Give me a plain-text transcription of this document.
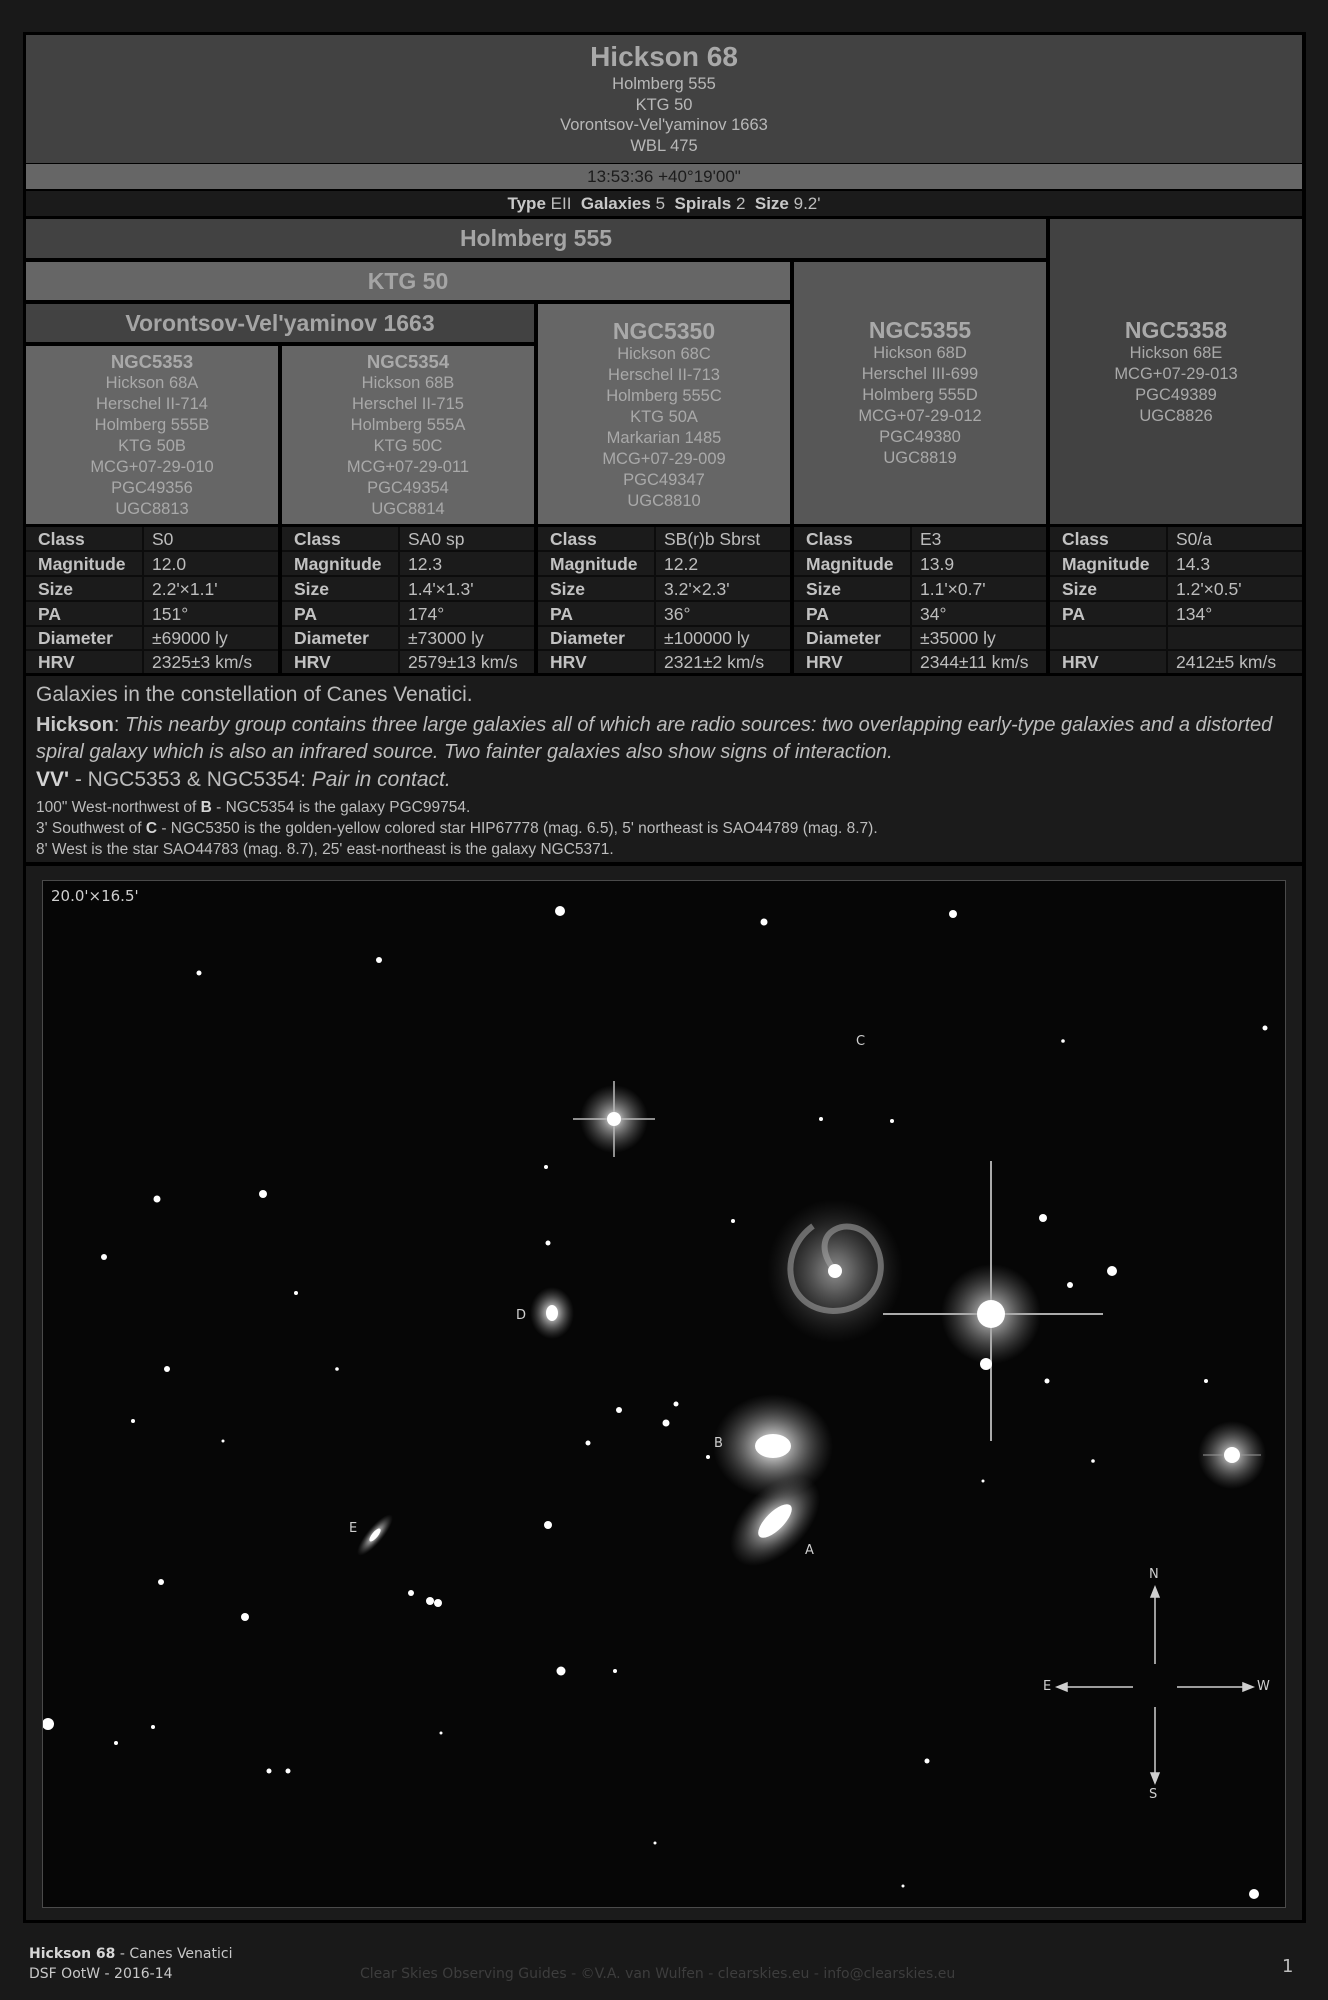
Hickson 68
Holmberg 555
KTG 50
Vorontsov-Vel'yaminov 1663
WBL 475
13:53:36 +40°19'00"
Type EII Galaxies 5 Spirals 2 Size 9.2'
Holmberg 555
KTG 50
Vorontsov-Vel'yaminov 1663
NGC5353
Hickson 68A
Herschel II-714
Holmberg 555B
KTG 50B
MCG+07-29-010
PGC49356
UGC8813
NGC5354
Hickson 68B
Herschel II-715
Holmberg 555A
KTG 50C
MCG+07-29-011
PGC49354
UGC8814
NGC5350
Hickson 68C
Herschel II-713
Holmberg 555C
KTG 50A
Markarian 1485
MCG+07-29-009
PGC49347
UGC8810
NGC5355
Hickson 68D
Herschel III-699
Holmberg 555D
MCG+07-29-012
PGC49380
UGC8819
NGC5358
Hickson 68E
MCG+07-29-013
PGC49389
UGC8826
Class	S0
Magnitude 12.0
Size	2.2'×1.1'
PA	151°
Diameter ±69000 ly
HRV	2325±3 km/s
Class	SA0 sp
Magnitude 12.3
Size	1.4'×1.3'
PA	174°
Diameter ±73000 ly
HRV	2579±13 km/s
Class	SB(r)b Sbrst
Magnitude 12.2
Size	3.2'×2.3'
PA	36°
Diameter ±100000 ly
HRV	2321±2 km/s
Class	E3
Magnitude 13.9
Size	1.1'×0.7'
PA	34°
Diameter ±35000 ly
HRV	2344±11 km/s
Class	S0/a
Magnitude 14.3
Size	1.2'×0.5'
PA	134°
HRV	2412±5 km/s
Galaxies in the constellation of Canes Venatici.
Hickson: This nearby group contains three large galaxies all of which are radio sources: two overlapping early-type galaxies and a distorted spiral galaxy which is also an infrared source. Two fainter galaxies also show signs of interaction.
VV' - NGC5353 & NGC5354: Pair in contact.
100" West-northwest of B - NGC5354 is the galaxy PGC99754.
3' Southwest of C - NGC5350 is the golden-yellow colored star HIP67778 (mag. 6.5), 5' northeast is SAO44789 (mag. 8.7).
8' West is the star SAO44783 (mag. 8.7), 25' east-northeast is the galaxy NGC5371.
20.0'×16.5'
C
D
B
A
E
N
S
E	W
Hickson 68 - Canes Venatici
DSF OotW - 2016-14	Clear Skies Observing Guides - ©V.A. van Wulfen - clearskies.eu - info@clearskies.eu	1
